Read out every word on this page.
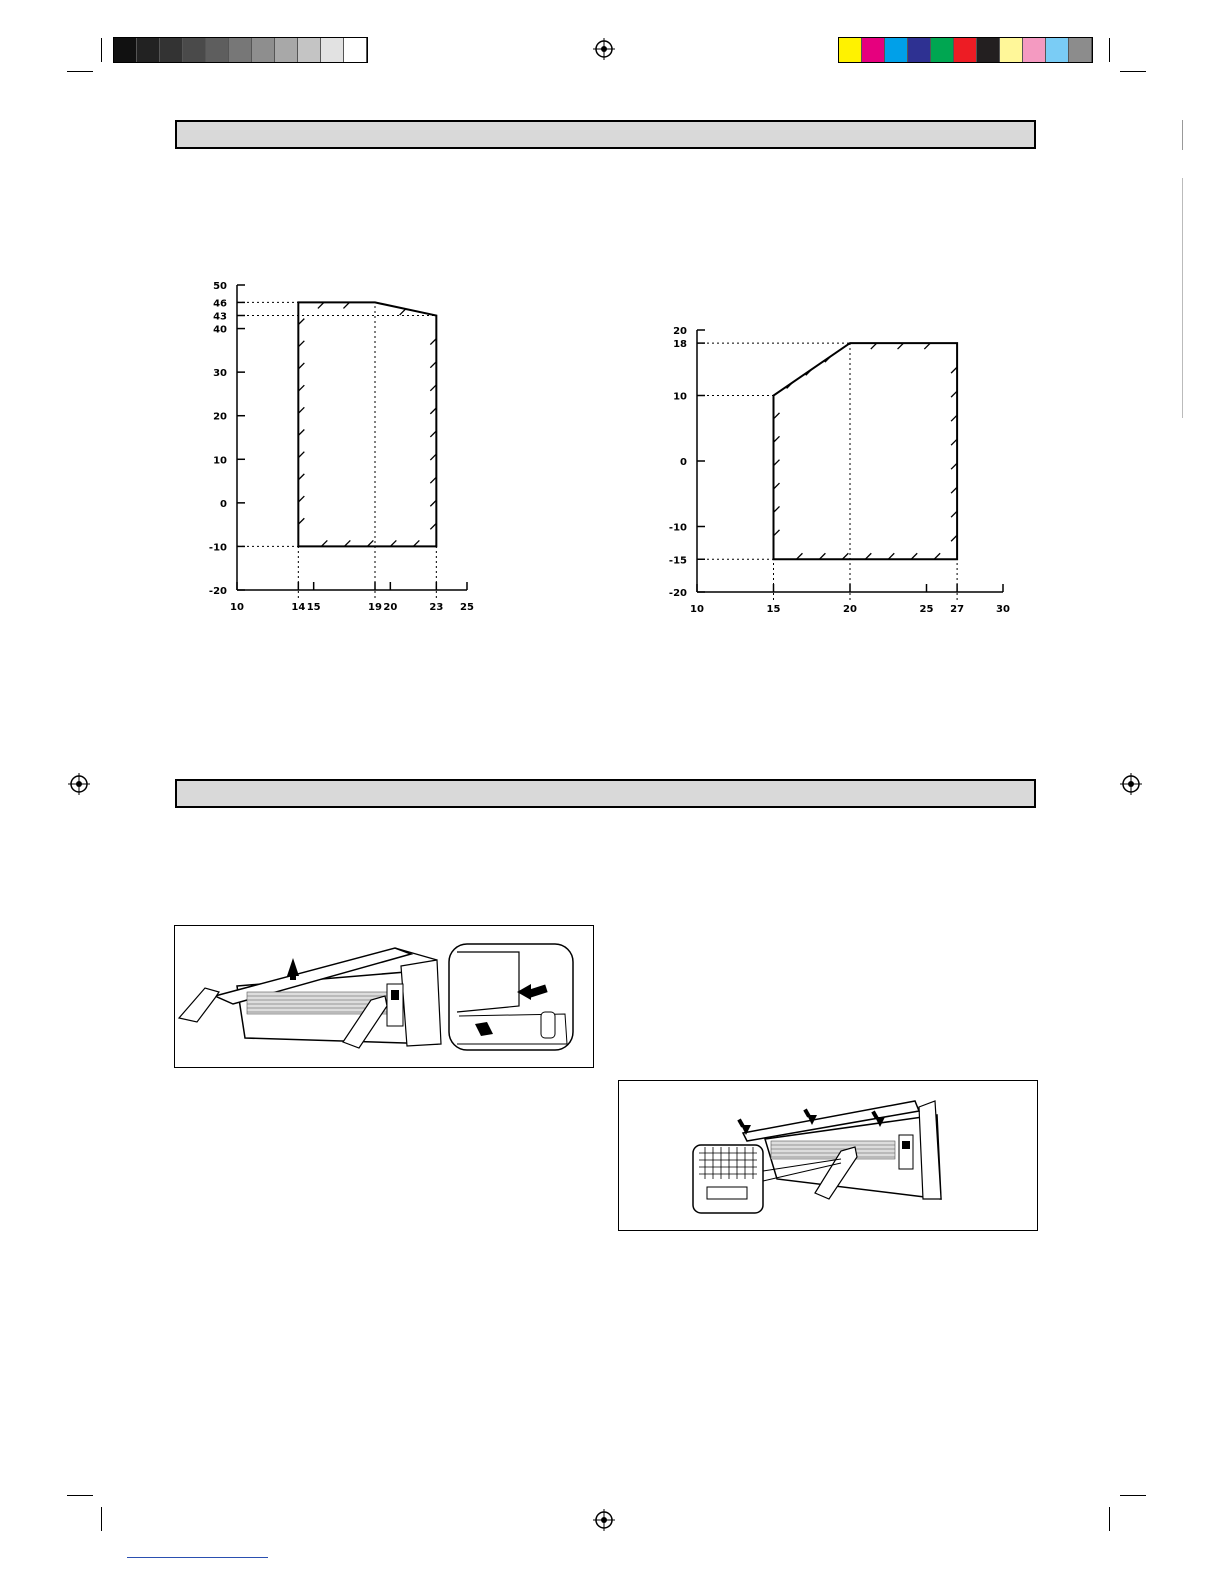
50
46
43
40
30
20
10
0
-10
-20
10	14 15	19 20	23 25
20
18
10
0
-10
-15
-20
10	15	20	25 27	30
